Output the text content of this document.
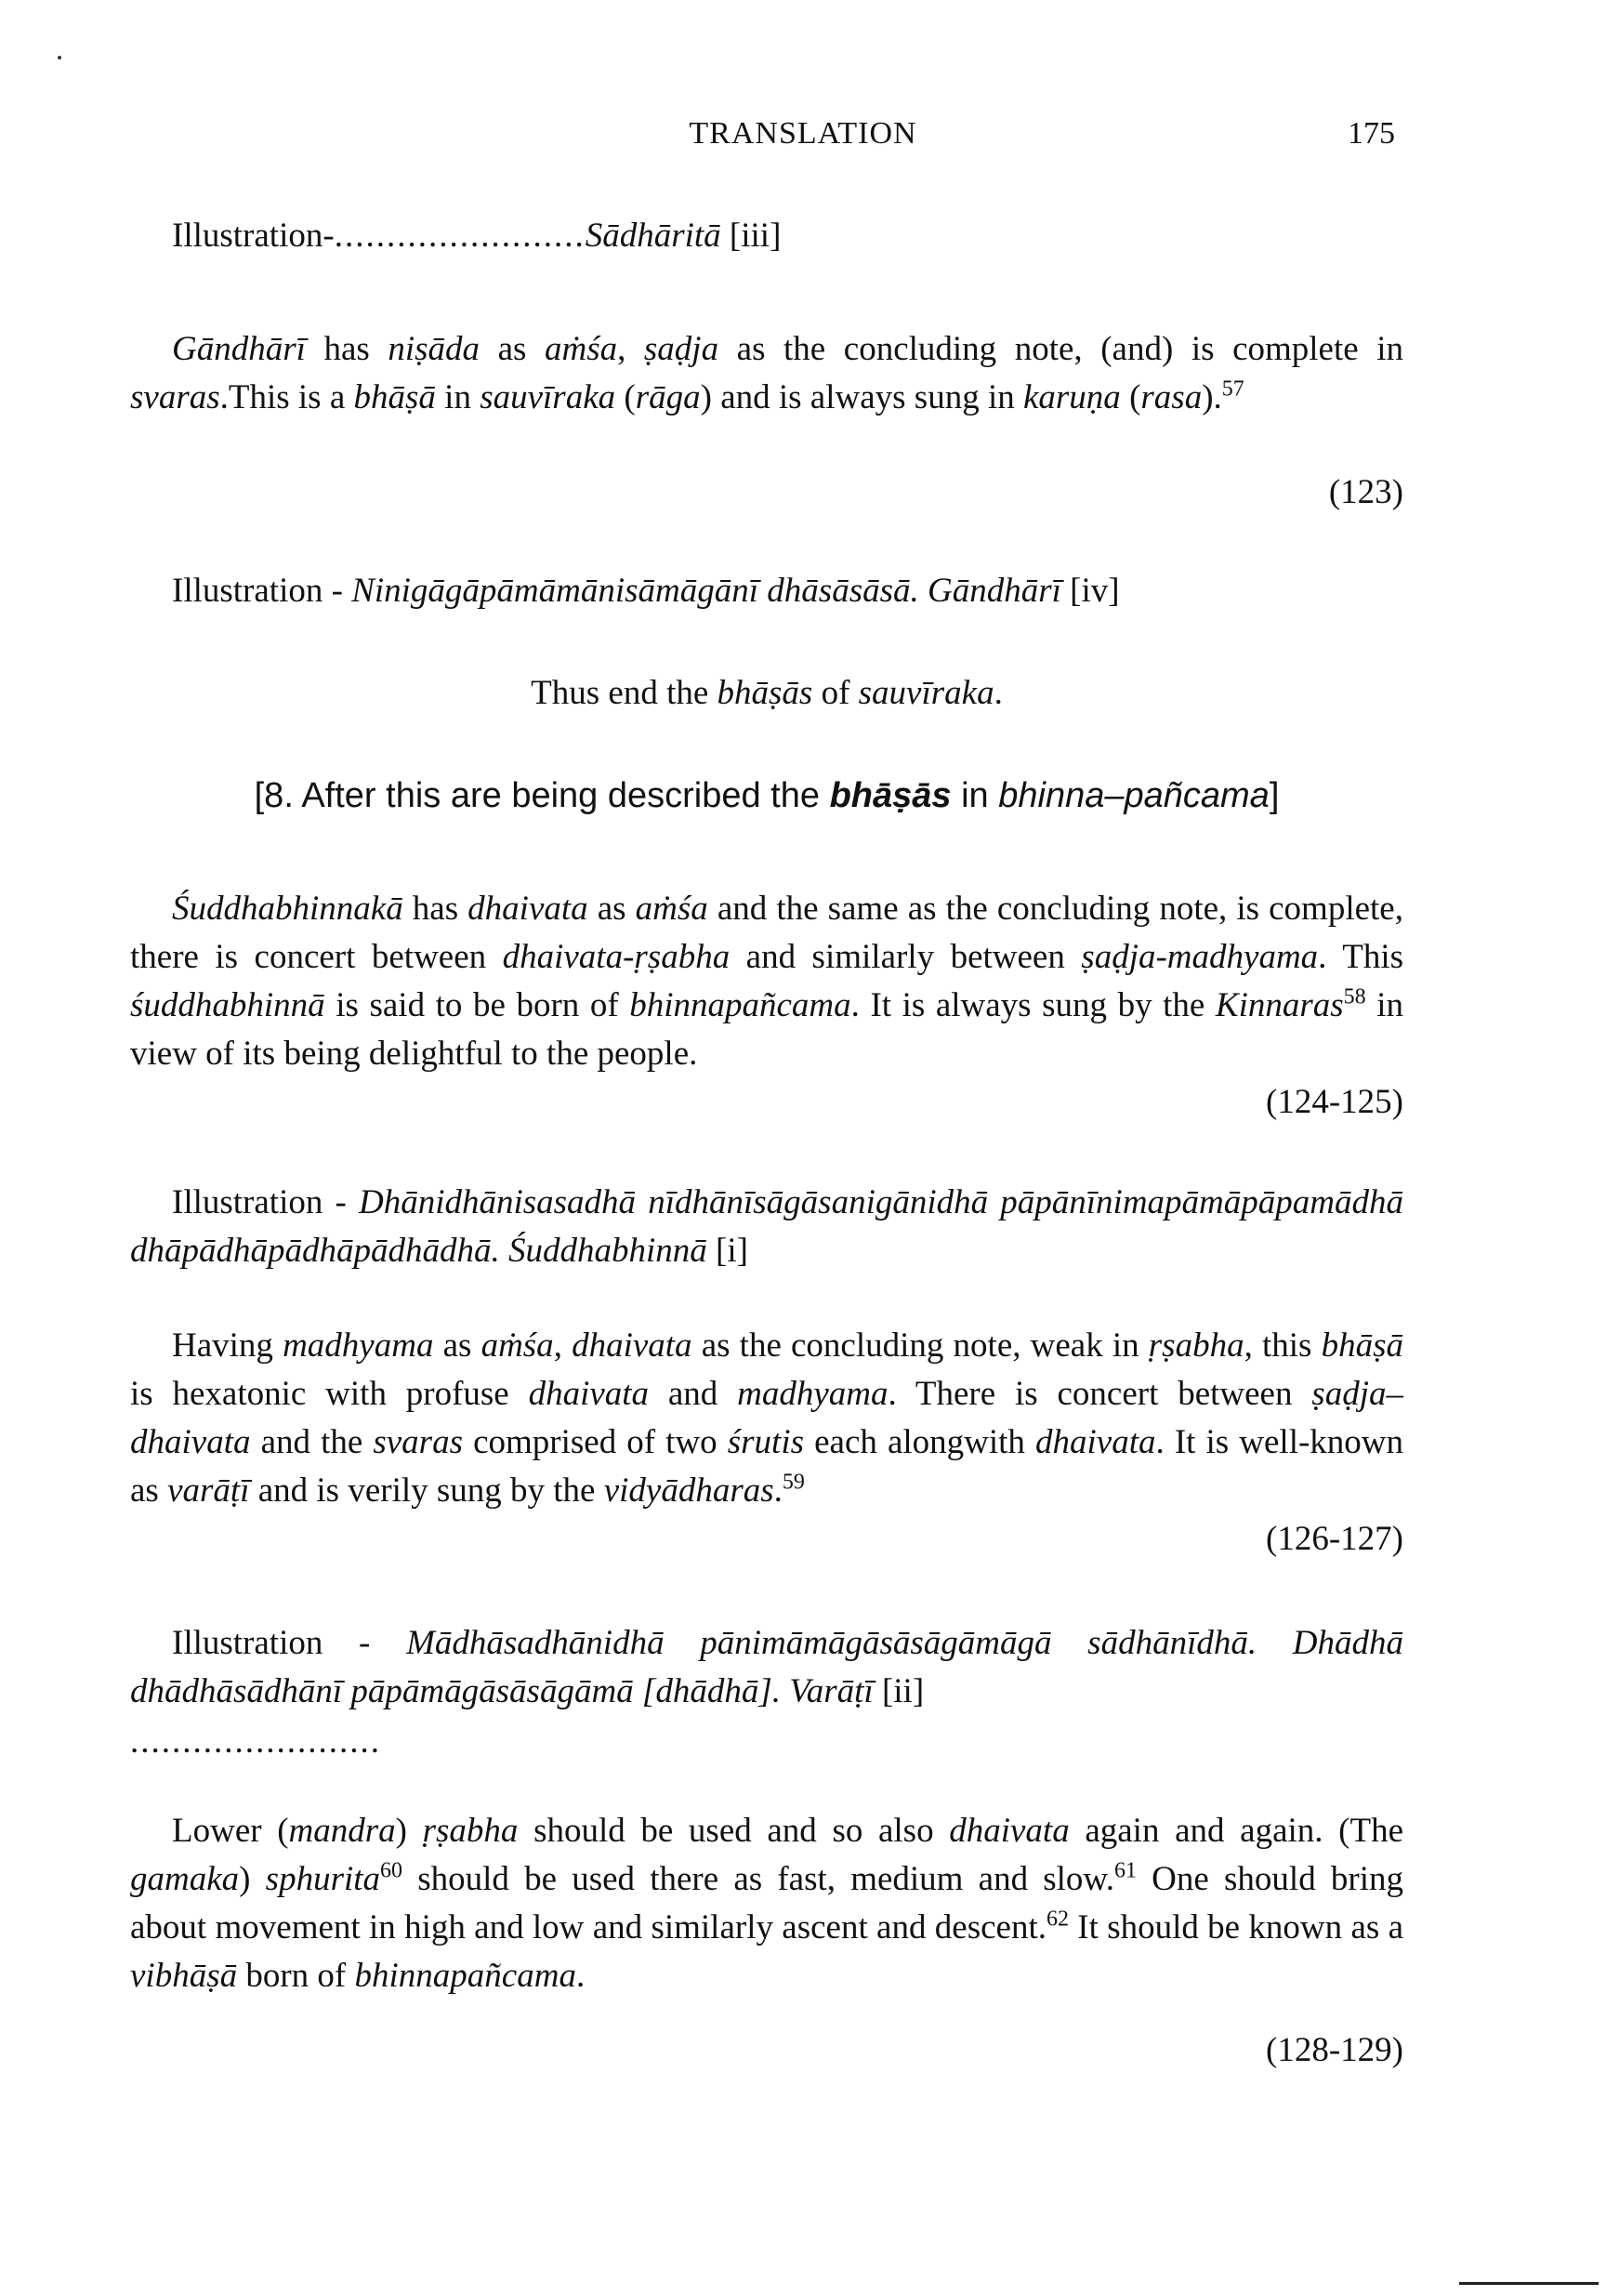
TRANSLATION	175
Illustration-........................Sādhāritā [iii]
Gāndhārī has niṣāda as aṁśa, ṣaḍja as the concluding note, (and) is complete in svaras.This is a bhāṣā in sauvīraka (rāga) and is always sung in karuṇa (rasa).$^{57}$
(123)
Illustration - Ninigāgāpāmāmānisāmāgānī dhāsāsāsā. Gāndhārī [iv]
Thus end the bhāṣās of sauvīraka.
[8. After this are being described the bhāṣās in bhinna–pañcama]
Śuddhabhinnakā has dhaivata as aṁśa and the same as the concluding note, is complete, there is concert between dhaivata-ṛṣabha and similarly between ṣaḍja-madhyama. This śuddhabhinnā is said to be born of bhinnapañcama. It is always sung by the Kinnaras$^{58}$ in view of its being delightful to the people.
(124-125)
Illustration - Dhānidhānisasadhā nīdhānīsāgāsanigānidhā pāpānīnimapāmāpāpamādhā dhāpādhāpādhāpādhādhā. Śuddhabhinnā [i]
Having madhyama as aṁśa, dhaivata as the concluding note, weak in ṛṣabha, this bhāṣā is hexatonic with profuse dhaivata and madhyama. There is concert between ṣaḍja–dhaivata and the svaras comprised of two śrutis each alongwith dhaivata. It is well-known as varāṭī and is verily sung by the vidyādharas.$^{59}$
(126-127)
Illustration - Mādhāsadhānidhā pānimāmāgāsāsāgāmāgā sādhānīdhā. Dhādhā dhādhāsādhānī pāpāmāgāsāsāgāmā [dhādhā]. Varāṭī [ii]
........................
Lower (mandra) ṛṣabha should be used and so also dhaivata again and again. (The gamaka) sphurita$^{60}$ should be used there as fast, medium and slow.$^{61}$ One should bring about movement in high and low and similarly ascent and descent.$^{62}$ It should be known as a vibhāṣā born of bhinnapañcama.
(128-129)
